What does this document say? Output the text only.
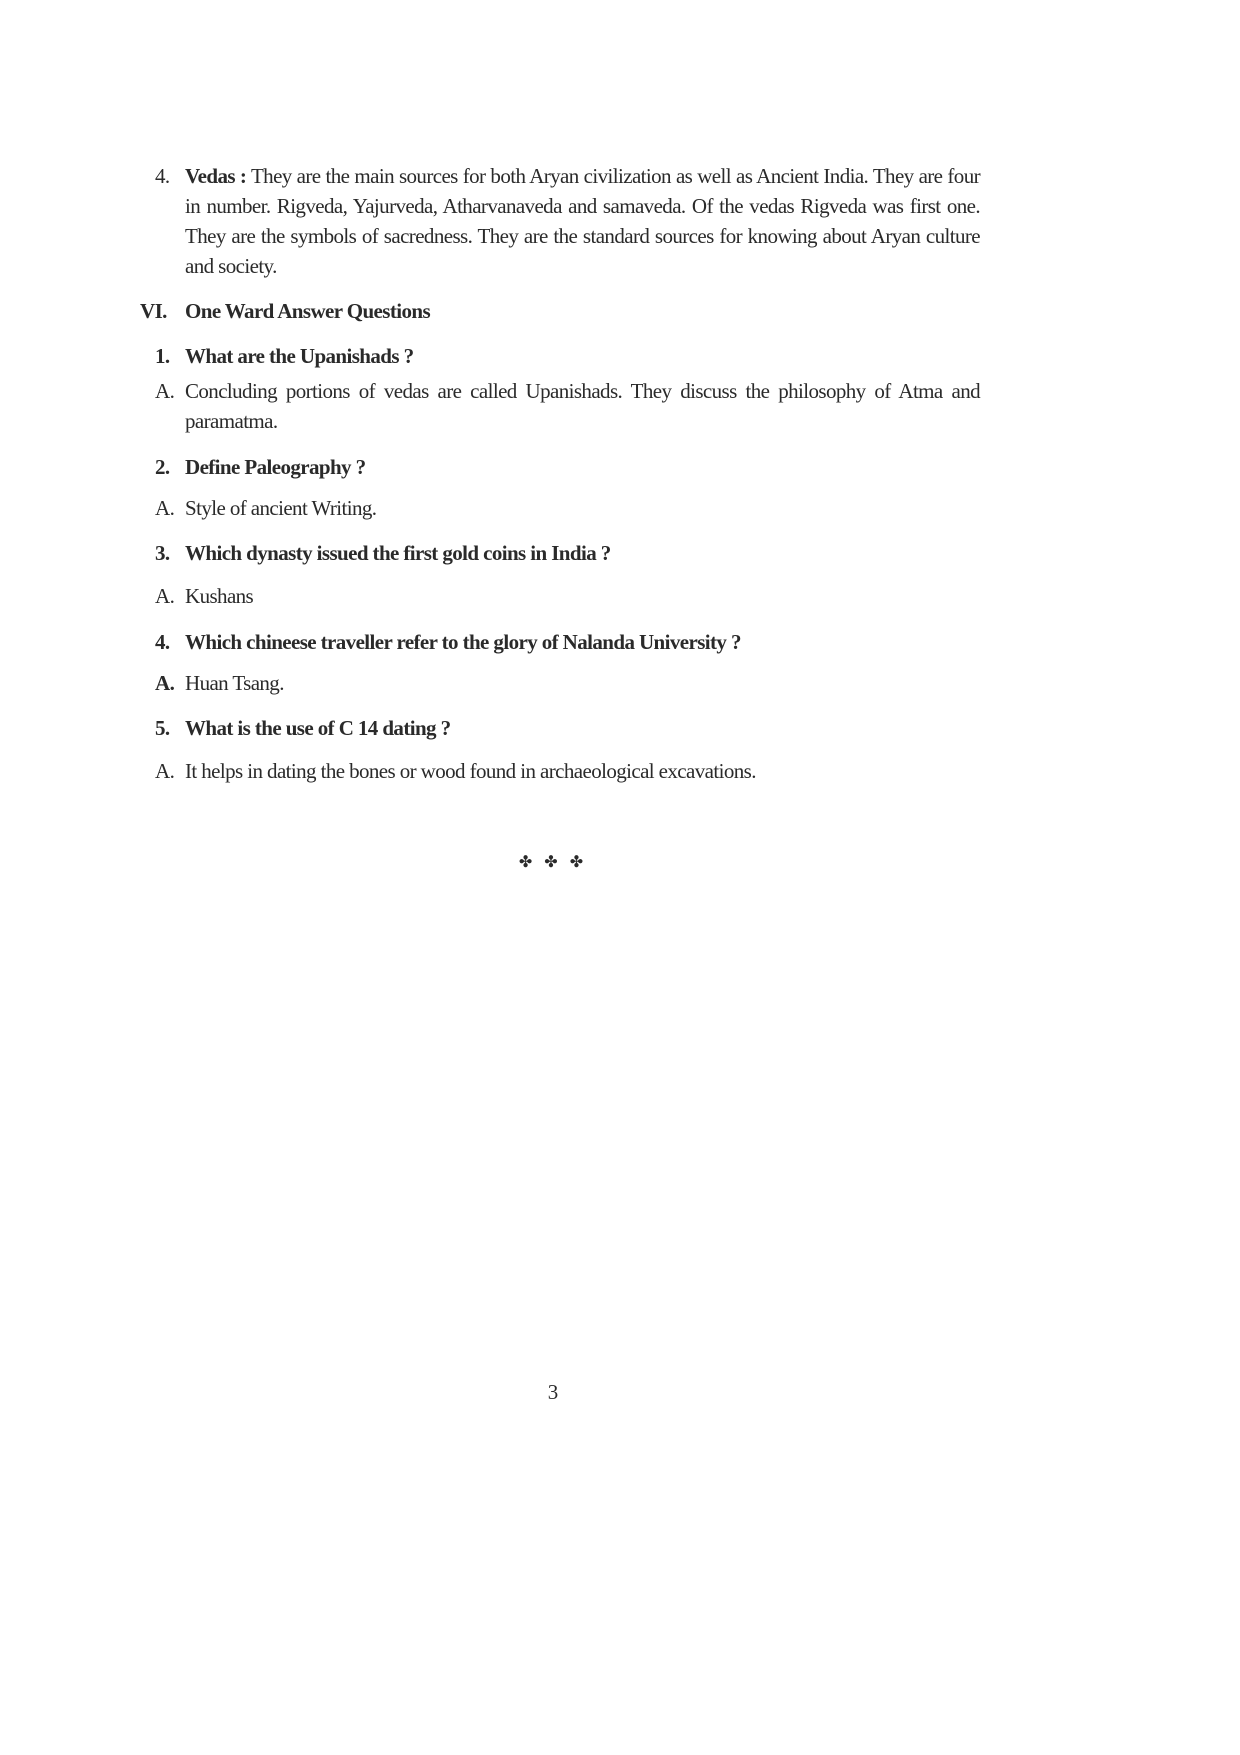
4. Vedas : They are the main sources for both Aryan civilization as well as Ancient India. They are four in number. Rigveda, Yajurveda, Atharvanaveda and samaveda. Of the vedas Rigveda was first one. They are the symbols of sacredness. They are the standard sources for knowing about Aryan culture and society.
VI. One Ward Answer Questions
1. What are the Upanishads ?
A. Concluding portions of vedas are called Upanishads. They discuss the philosophy of Atma and paramatma.
2. Define Paleography ?
A. Style of ancient Writing.
3. Which dynasty issued the first gold coins in India ?
A. Kushans
4. Which chineese traveller refer to the glory of Nalanda University ?
A. Huan Tsang.
5. What is the use of C 14 dating ?
A. It helps in dating the bones or wood found in archaeological excavations.
✤ ✤ ✤
3
